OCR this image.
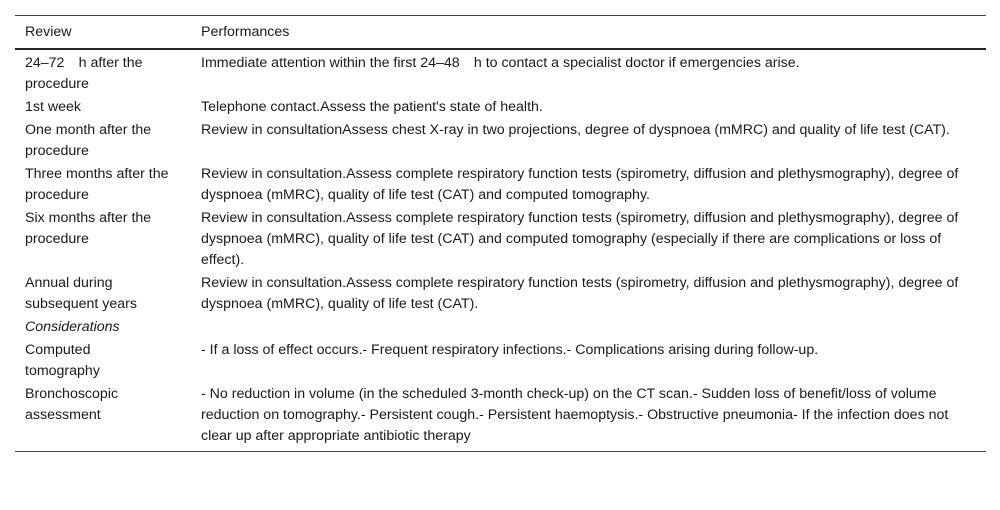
Review	Performances
24–72 h after the procedure	Immediate attention within the first 24–48 h to contact a specialist doctor if emergencies arise.
1st week	Telephone contact.Assess the patient's state of health.
One month after the procedure	Review in consultationAssess chest X-ray in two projections, degree of dyspnoea (mMRC) and quality of life test (CAT).
Three months after the procedure	Review in consultation.Assess complete respiratory function tests (spirometry, diffusion and plethysmography), degree of dyspnoea (mMRC), quality of life test (CAT) and computed tomography.
Six months after the procedure	Review in consultation.Assess complete respiratory function tests (spirometry, diffusion and plethysmography), degree of dyspnoea (mMRC), quality of life test (CAT) and computed tomography (especially if there are complications or loss of effect).
Annual during subsequent years	Review in consultation.Assess complete respiratory function tests (spirometry, diffusion and plethysmography), degree of dyspnoea (mMRC), quality of life test (CAT).
Considerations	
Computed
tomography	- If a loss of effect occurs.- Frequent respiratory infections.- Complications arising during follow-up.
Bronchoscopic
assessment	- No reduction in volume (in the scheduled 3-month check-up) on the CT scan.- Sudden loss of benefit/loss of volume reduction on tomography.- Persistent cough.- Persistent haemoptysis.- Obstructive pneumonia- If the infection does not clear up after appropriate antibiotic therapy
